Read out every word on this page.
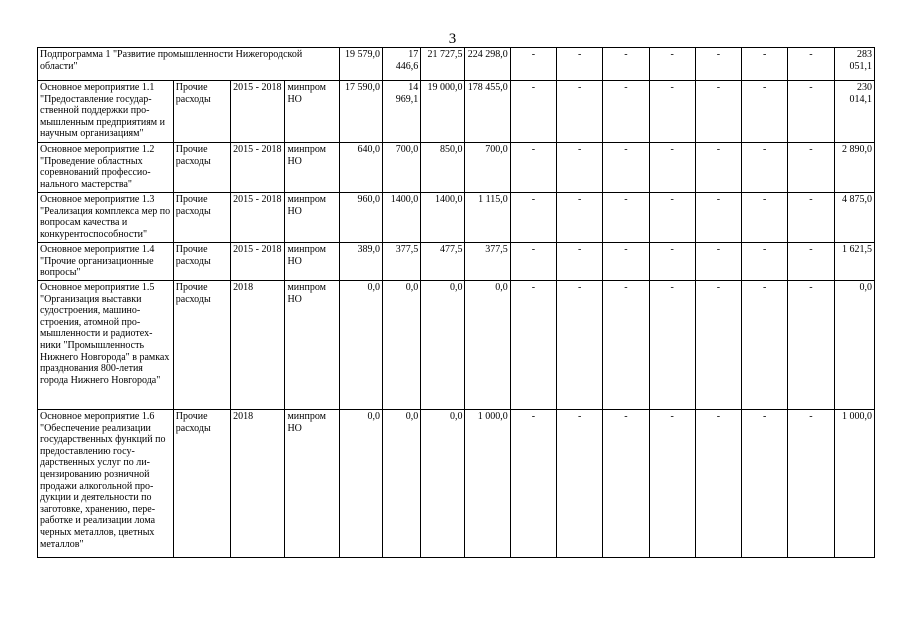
3
Подпрограмма 1 "Развитие промышленности Нижегородской области"				19 579,0	17 446,6	21 727,5	224 298,0	-	-	-	-	-	-	-	283 051,1
Основное мероприятие 1.1 "Предоставление государ-ственной поддержки про-мышленным предприятиям и научным организациям"	Прочие расходы	2015 - 2018	минпром НО	17 590,0	14 969,1	19 000,0	178 455,0	-	-	-	-	-	-	-	230 014,1
Основное мероприятие 1.2 "Проведение областных соревнований профессио-нального мастерства"	Прочие расходы	2015 - 2018	минпром НО	640,0	700,0	850,0	700,0	-	-	-	-	-	-	-	2 890,0
Основное мероприятие 1.3 "Реализация комплекса мер по вопросам качества и конкурентоспособности"	Прочие расходы	2015 - 2018	минпром НО	960,0	1400,0	1400,0	1 115,0	-	-	-	-	-	-	-	4 875,0
Основное мероприятие 1.4 "Прочие организационные вопросы"	Прочие расходы	2015 - 2018	минпром НО	389,0	377,5	477,5	377,5	-	-	-	-	-	-	-	1 621,5
Основное мероприятие 1.5 "Организация выставки судостроения, машино-строения, атомной про-мышленности и радиотех-ники "Промышленность Нижнего Новгорода" в рамках празднования 800-летия города Нижнего Новгорода"	Прочие расходы	2018	минпром НО	0,0	0,0	0,0	0,0	-	-	-	-	-	-	-	0,0
Основное мероприятие 1.6 "Обеспечение реализации государственных функций по предоставлению госу-дарственных услуг по ли-цензированию розничной продажи алкогольной про-дукции и деятельности по заготовке, хранению, пере-работке и реализации лома черных металлов, цветных металлов"	Прочие расходы	2018	минпром НО	0,0	0,0	0,0	1 000,0	-	-	-	-	-	-	-	1 000,0
